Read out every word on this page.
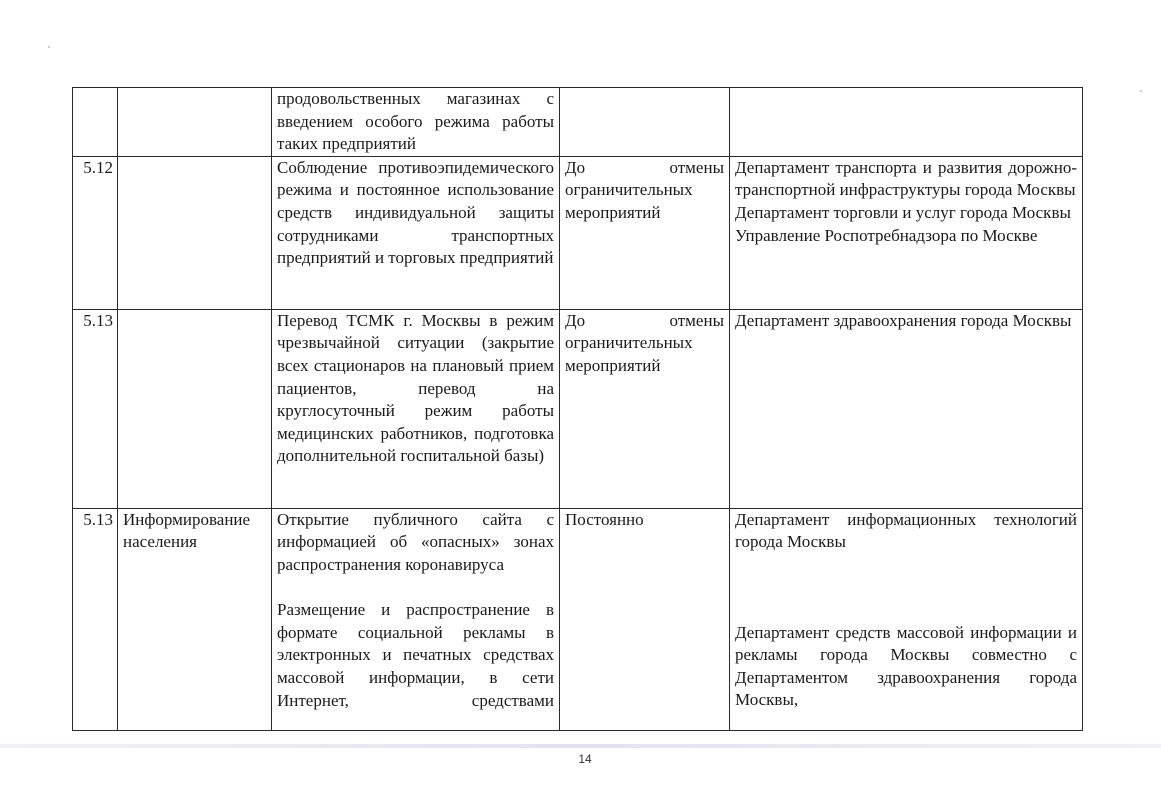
		продовольственных магазинах с введением особого режима работы таких предприятий		

5.12		Соблюдение противоэпидемического режима и постоянное использование средств индивидуальной защиты сотрудниками транспортных предприятий и торговых предприятий	До отмены ограничительных мероприятий	Департамент транспорта и развития дорожно-транспортной инфраструктуры города Москвы
Департамент торговли и услуг города Москвы
Управление Роспотребнадзора по Москве

5.13		Перевод ТСМК г. Москвы в режим чрезвычайной ситуации (закрытие всех стационаров на плановый прием пациентов, перевод на круглосуточный режим работы медицинских работников, подготовка дополнительной госпитальной базы)	До отмены ограничительных мероприятий	Департамент здравоохранения города Москвы

5.13	Информирование населения	Открытие публичного сайта с информацией об «опасных» зонах распространения коронавируса
Размещение и распространение в формате социальной рекламы в электронных и печатных средствах массовой информации, в сети Интернет, средствами	Постоянно	Департамент информационных технологий города Москвы
Департамент средств массовой информации и рекламы города Москвы совместно с Департаментом здравоохранения города Москвы,
14
